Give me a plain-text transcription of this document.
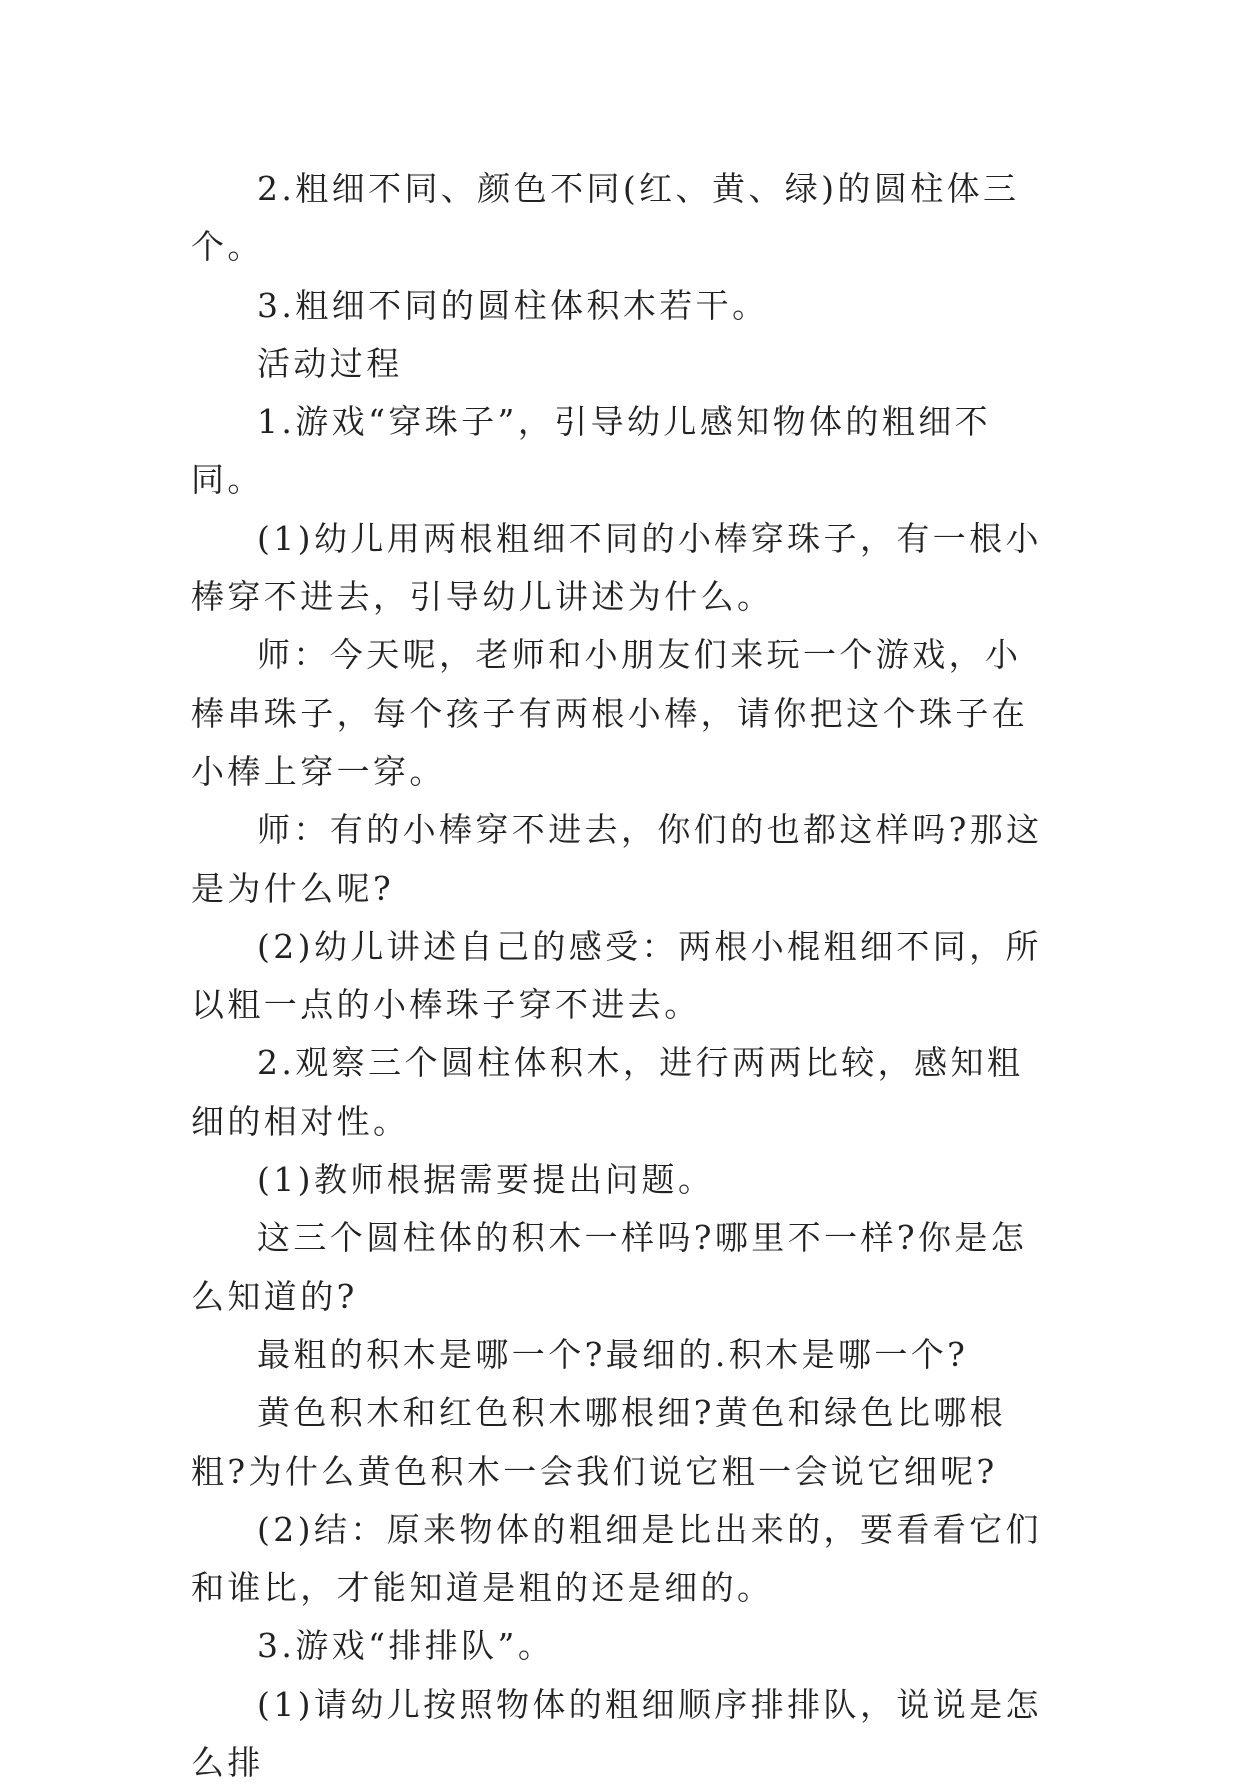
2.粗细不同、颜色不同(红、黄、绿)的圆柱体三个。

3.粗细不同的圆柱体积木若干。

活动过程

1.游戏“穿珠子”，引导幼儿感知物体的粗细不同。

(1)幼儿用两根粗细不同的小棒穿珠子，有一根小棒穿不进去，引导幼儿讲述为什么。

师：今天呢，老师和小朋友们来玩一个游戏，小棒串珠子，每个孩子有两根小棒，请你把这个珠子在小棒上穿一穿。

师：有的小棒穿不进去，你们的也都这样吗?那这是为什么呢?

(2)幼儿讲述自己的感受：两根小棍粗细不同，所以粗一点的小棒珠子穿不进去。

2.观察三个圆柱体积木，进行两两比较，感知粗细的相对性。

(1)教师根据需要提出问题。

这三个圆柱体的积木一样吗?哪里不一样?你是怎么知道的?

最粗的积木是哪一个?最细的.积木是哪一个?

黄色积木和红色积木哪根细?黄色和绿色比哪根粗?为什么黄色积木一会我们说它粗一会说它细呢?

(2)结：原来物体的粗细是比出来的，要看看它们和谁比，才能知道是粗的还是细的。

3.游戏“排排队”。

(1)请幼儿按照物体的粗细顺序排排队，说说是怎么排
